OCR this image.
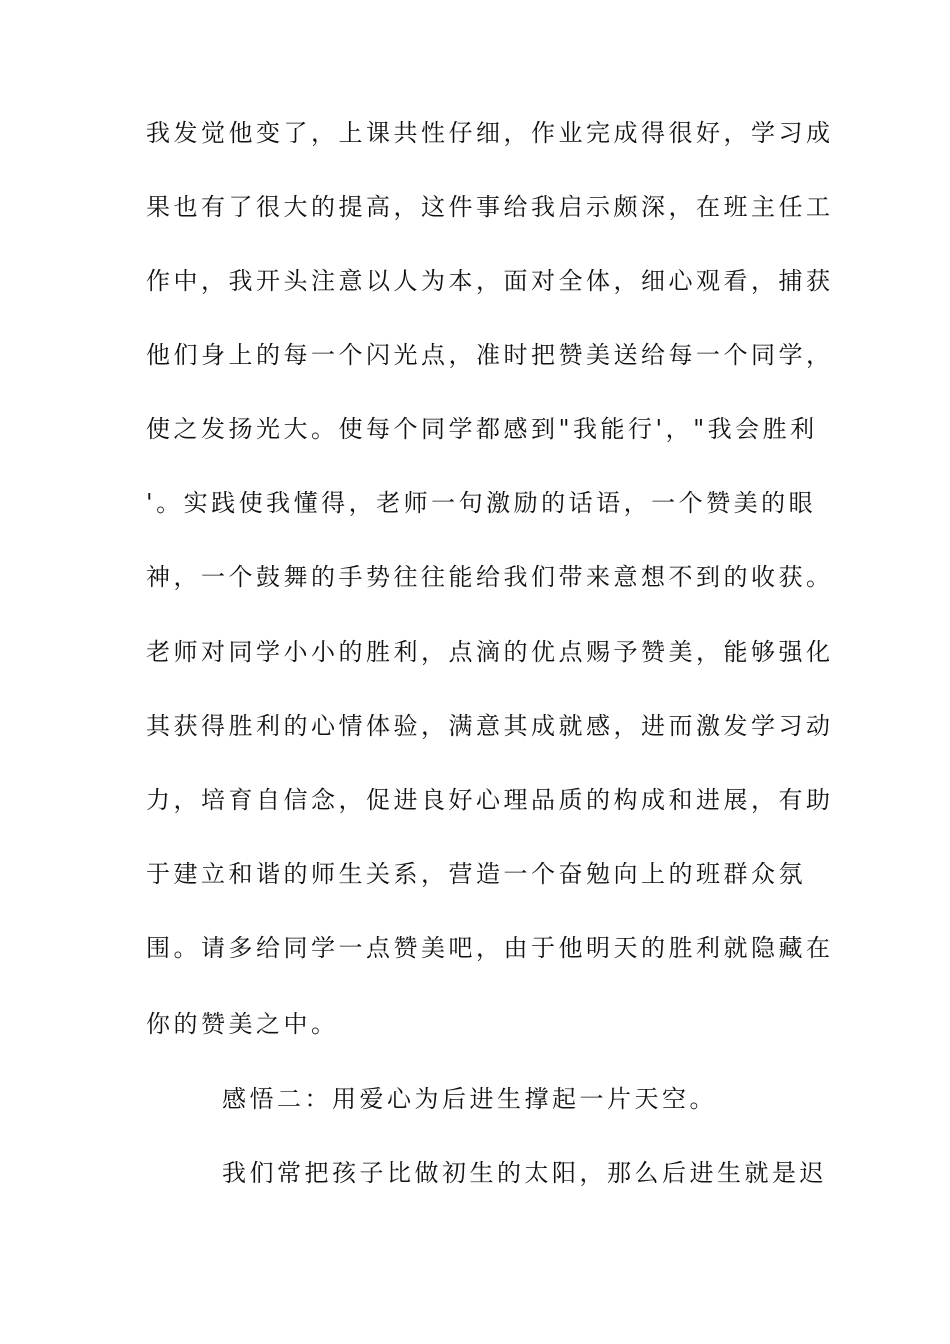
我发觉他变了，上课共性仔细，作业完成得很好，学习成
果也有了很大的提高，这件事给我启示颇深，在班主任工
作中，我开头注意以人为本，面对全体，细心观看，捕获
他们身上的每一个闪光点，准时把赞美送给每一个同学，
使之发扬光大。使每个同学都感到"我能行'，"我会胜利
'。实践使我懂得，老师一句激励的话语，一个赞美的眼
神，一个鼓舞的手势往往能给我们带来意想不到的收获。
老师对同学小小的胜利，点滴的优点赐予赞美，能够强化
其获得胜利的心情体验，满意其成就感，进而激发学习动
力，培育自信念，促进良好心理品质的构成和进展，有助
于建立和谐的师生关系，营造一个奋勉向上的班群众氛
围。请多给同学一点赞美吧，由于他明天的胜利就隐藏在
你的赞美之中。
感悟二：用爱心为后进生撑起一片天空。
我们常把孩子比做初生的太阳，那么后进生就是迟
